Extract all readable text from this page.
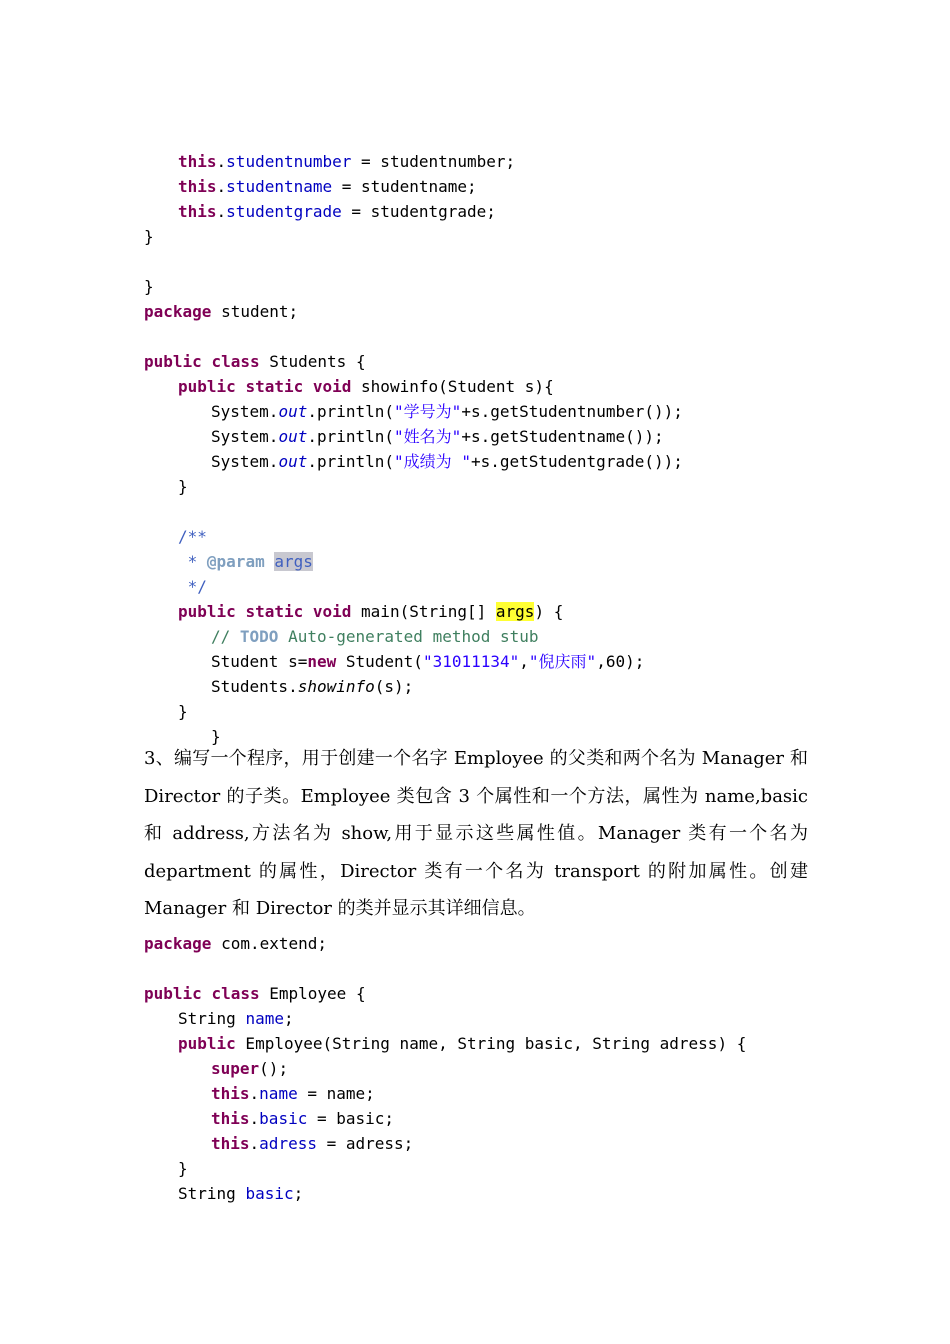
this.studentnumber = studentnumber;
this.studentname = studentname;
this.studentgrade = studentgrade;
}
}
package student;
public class Students {
public static void showinfo(Student s){
System.out.println("学号为"+s.getStudentnumber());
System.out.println("姓名为"+s.getStudentname());
System.out.println("成绩为 "+s.getStudentgrade());
}
/**
* @param args
*/
public static void main(String[] args) {
// TODO Auto-generated method stub
Student s=new Student("31011134","倪庆雨",60);
Students.showinfo(s);
}
}

3、编写一个程序，用于创建一个名字 Employee 的父类和两个名为 Manager 和 Director 的子类。Employee 类包含 3 个属性和一个方法，属性为 name,basic 和 address,方法名为 show,用于显示这些属性值。Manager 类有一个名为 department 的属性，Director 类有一个名为 transport 的附加属性。创建 Manager 和 Director 的类并显示其详细信息。

package com.extend;
public class Employee {
String name;
public Employee(String name, String basic, String adress) {
super();
this.name = name;
this.basic = basic;
this.adress = adress;
}
String basic;
